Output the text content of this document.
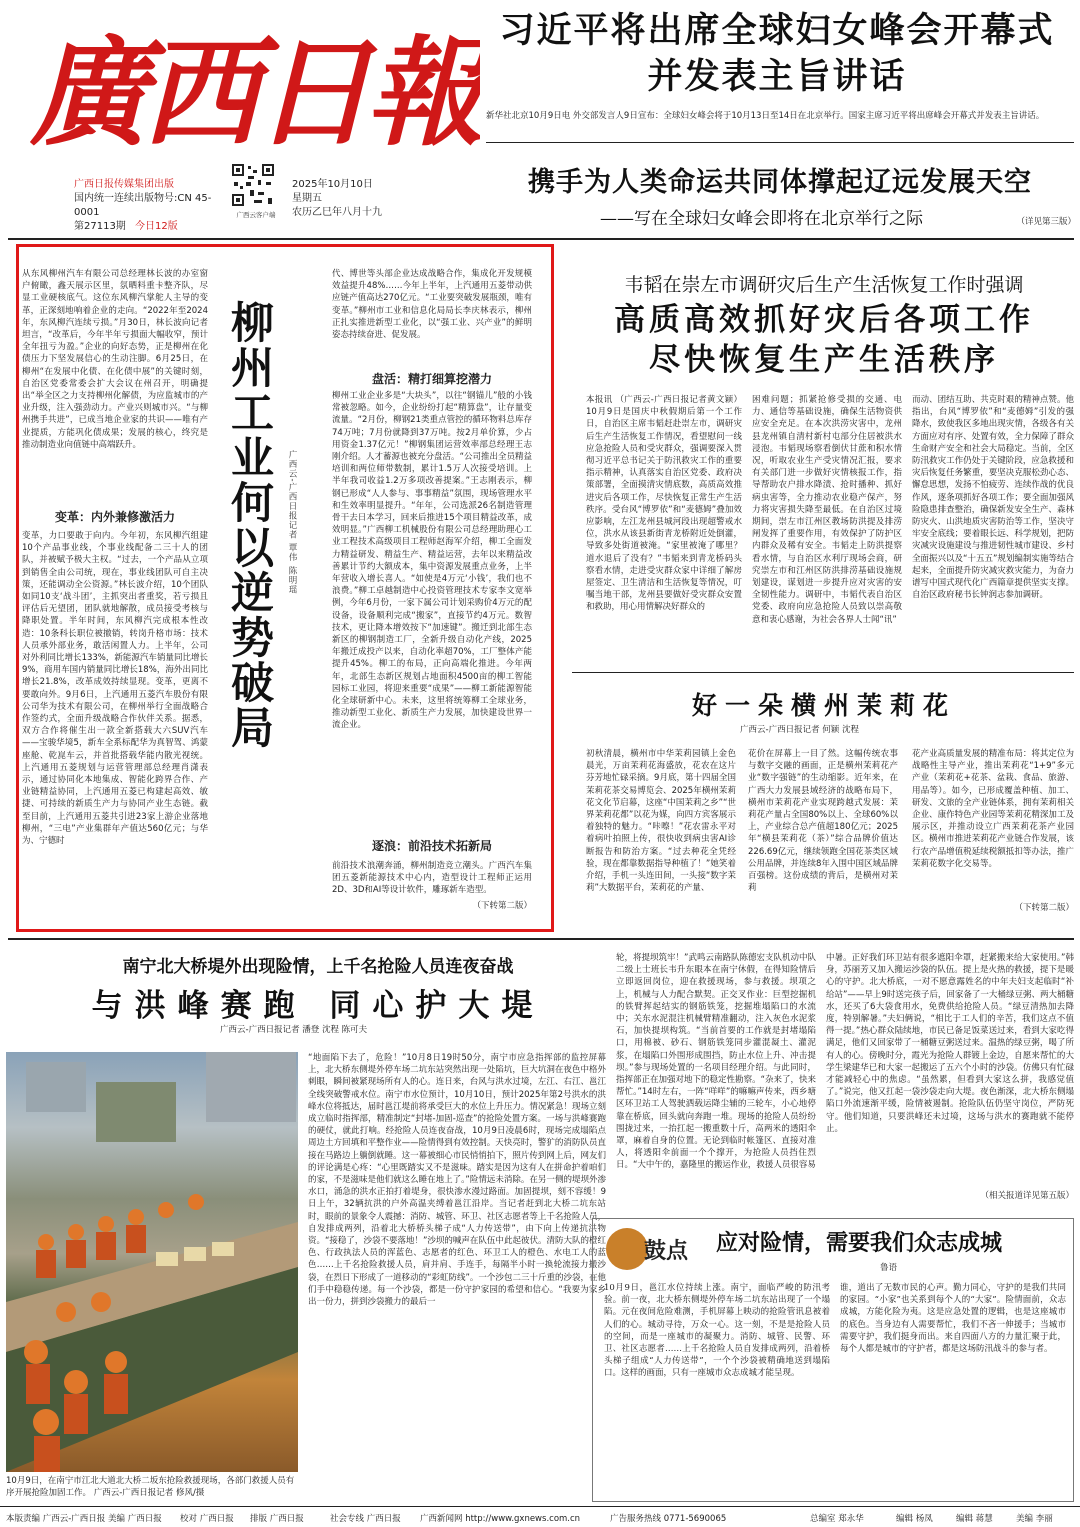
廣西日報
广西日报传媒集团出版
国内统一连续出版物号:CN 45-0001
第27113期 今日12版
广西云客户端
2025年10月10日
星期五
农历乙巳年八月十九
习近平将出席全球妇女峰会开幕式
并发表主旨讲话
新华社北京10月9日电 外交部发言人9日宣布：全球妇女峰会将于10月13日至14日在北京举行。国家主席习近平将出席峰会开幕式并发表主旨讲话。
携手为人类命运共同体撑起辽远发展天空
——写在全球妇女峰会即将在北京举行之际	（详见第三版）
从东风柳州汽车有限公司总经理林长波的办室窗户俯瞰，鑫天展示区里，氛晒料重卡整齐队，尽显工业硬核底气。这位东风柳汽掌舵人主导的变革，正深刻地响着企业的走向。“2022年至2024年，东风柳汽连续亏损。”月30日，林长波向记者坦言，“改革后，今年半年亏损面大幅收窄，预计全年扭亏为盈。”企业的向好态势，正是柳州在化债压力下坚发展信心的生动注脚。6月25日，在柳州“在发展中化债、在化债中展”的关键时刻，自治区党委常委会扩大会议在州召开，明确提出“举全区之力支持柳州化解债，为应监城市的产业升级，注入强劲动力。产业兴则城市兴。“与柳州携手共进”，已成当地企业家的共识——唯有产业提质，方能巩化债成果；发展的核心，终究是推动制造业向值链中高端跃升。
变革：内外兼修激活力
变革，力口要敢于向内。今年初，东风柳汽组建10个产品事业线，个事业线配备二三十人的团队，并被赋予极大主权。“过去，一个产品从立项到销售全由公司统，现在，事业线团队可自主决策，还能调动全公资源。”林长波介绍，10个团队如同10支‘战斗团’，主抓突出者重奖，若亏损且评估后无望团，团队就地解散，成员接受考核与降职处置。半年时间，东风柳汽完成根本性改造：10条科长职位被撤销，转岗升格市场：技术人员承外部业务，敢活闲置人力。上半年，公司对外利同比增长133%，新能源汽车销量同比增长9%，商用车国内销量同比增长18%，海外出同比增长21.8%，改革成效持续显现。变革，更离不要敢向外。9月6日，上汽通用五菱汽车股份有限公司华为技术有限公司，在柳州举行全面战略合作签约式，全面升级战略合作伙伴关系。据悉，双方合作将催生出一款全新搭载大六SUV汽车——宝骏华境5，新车全系标配华为真智驾、鸿蒙座舱、乾崑车云，并首批搭载华能内散光视统。上汽通用五菱规划与运营管理部总经理肖潇表示，通过协同化本地集成、智能化跨界合作、产业链精益协同，上汽通用五菱已构建起高效、敏捷、可持续的新质生产力与协同产业生态链。截至目前，上汽通用五菱共引进23家上游企业落地柳州，“三电”产业集群年产值达560亿元；与华为、宁德时
柳州工业何以逆势破局 广西云-广西日报记者 覃伟 陈明瑶
代、博世等头部企业达成战略合作，集成化开发规模效益提升48%……今年上半年，上汽通用五菱带动供应链产值高达270亿元。“工业要突破发展瓶颈，唯有变革。”柳州市工业和信息化局局长李庆林表示，柳州正扎实推进新型工业化，以“强工业、兴产业”的鲜明姿态持续奋进、促发展。
盘活：精打细算挖潜力
柳州工业企业多是“大块头”，以往“钢锚儿”般的小钱常被忽略。如今，企业纷纷打起“精算盘”，让存量变流量。“2月份，柳钢21类重点管控的循环物料总库存74万吨；7月份就降到37万吨。按2月单价算，少占用资金1.37亿元！”柳钢集团运营效率部总经理王志刚介绍。人才蓄源也被充分盘活。“公司推出全员精益培训和两位师带数制，累计1.5万人次接受培训。上半年我司收益1.2万多项改善提案。”王志刚表示，柳钢已形成“人人参与、事事精益”氛围，现场管理水平和生效率明显提升。“年年，公司选派26名制造管理骨干去日本学习，回来后推进15个项目精益改革，成效明显。”广西柳工机械股份有限公司总经理助理心工业工程技术高级项目工程师赵海军介绍，柳工全面发力精益研发、精益生产、精益运营，去年以来精益改善累计节约大额成本，集中资源发展重点业务，上半年营收入增长喜人。“如使是4万元‘小钱’，我们也不浪费。”柳工卓越制造中心投资管理技术专家李文宽举例，今年6月份，一家下属公司计划采购价4万元的配设备，设备顺利完成“搬家”，直接节约4万元。数智技术，更让降本增效按下“加速键”。搬迁到北部生态新区的柳钢制造工厂，全新升级自动化产线，2025年搬迁成投产以来，自动化率超70%，工厂整体产能提升45%。柳工的布局，正向高端化推进。今年两年，北部生态新区规划占地面积4500亩的柳工智能园标工业园，将迎来重要“成果”——柳工新能源智能化全球研新中心。未来，这里将统筹柳工全球业务，推动新型工业化、新质生产力发展，加快建设世界一流企业。
逐浪：前沿技术拓新局
前沿技术浪潮奔涌，柳州制造竞立潮头。广西汽车集团五菱新能源技术中心内，造型设计工程师正运用2D、3D和AI等设计软件，雕琢新车造型。
（下转第二版）
韦韬在崇左市调研灾后生产生活恢复工作时强调
高质高效抓好灾后各项工作
尽快恢复生产生活秩序
本报讯 （广西云-广西日报记者黄文颖）10月9日是国庆中秋假期后第一个工作日，自治区主席韦韬赶赴崇左市，调研灾后生产生活恢复工作情况，看望慰问一线应急抢险人员和受灾群众，强调要深入贯彻习近平总书记关于防汛救灾工作的重要指示精神，认真落实自治区党委、政府决策部署，全面摸清灾情底数，高质高效推进灾后各项工作，尽快恢复正常生产生活秩序。受台风“博罗依”和“麦德姆”叠加效应影响，左江龙州县城河段出现超警戒水位，洪水从该县新街青龙桥附近处倒灌，导致多处街道被淹。“家里被淹了哪里？道水退后了没有？”韦韬来到青龙桥码头察看水情，走进受灾群众家中详细了解房屋签定、卫生清洁和生活恢复等情况，叮嘱当地干部，龙州县要做好受灾群众安置和救助，用心用情解决好群众的
困难问题；抓紧抢修受损的交通、电力、通信等基础设施，确保生活物资供应安全充足。在本次洪涝灾害中，龙州县龙州镇自清村新村屯部分住居被洪水浸泡。韦韬现场察看倒伏甘蔗和积水情况，听取农业生产受灾情况汇报，要求有关部门进一步做好灾情核报工作，指导帮助农户排水降渍、抢时播种、抓好病虫害等，全力推动农业稳产保产，努力将灾害损失降至最低。在自治区过境期间，崇左市江州区教场防洪提及排涝闸发挥了重要作用，有效保护了防护区内群众及稀有安全。韦韬走上防洪提察看水情，与自治区水利厅现场会商，研究崇左市和江州区防洪排涝基础设施规划建设，谋划进一步提升应对灾害的安全韧性能力。调研中，韦韬代表自治区党委、政府向应急抢险人员致以崇高敬意和衷心感谢，为社会各界人士闻“讯”
而动、团结互助、共克时艰的精神点赞。他指出，台风“博罗依”和“麦德姆”引发的强降水，致使我区多地出现灾情，各级各有关方面应对有序、处置有效，全力保障了群众生命财产安全和社会大局稳定。当前，全区防汛救灾工作仍处于关键阶段，应急救援和灾后恢复任务繁重，要坚决克服松劲心态、懈怠思想，发扬不怕疲劳、连续作战的优良作风，逐条项抓好各项工作；要全面加强风险隐患排查整治，确保新发安全生产、森林防灾火、山洪地质灾害防治等工作，坚决守牢安全底线；要着眼长远、科学规划，把防灾减灾设施建设与推进韧性城市建设、乡村全面振兴以及“十五五”规划编制实施等结合起来，全面提升防灾减灾救灾能力，为奋力谱写中国式现代化广西篇章提供坚实支撑。自治区政府秘书长钟润志参加调研。
好一朵横州茉莉花
广西云-广西日报记者 何颖 沈程
初秋清晨，横州市中华茉莉园镇上金色晨光，万亩茉莉花海盛放，花农在这片芬芳地忙碌采摘。9月底，第十四届全国茉莉花茶交易博览会、2025年横州茉莉花文化节启幕，这座“中国茉莉之乡”“世界茉莉花都”以花为媒，向四方宾客展示着独特的魅力。“咔嚓！”花农雷永平对着病叶拍照上传，很快收到病虫害AI诊断报告和防治方案。“过去种花全凭经验，现在都靠数据指导种植了！”她笑着介绍，手机一头连田间，一头接“数字茉莉”大数据平台，茉莉花的产量、
花价在屏幕上一目了然。这幅传统农事与数字交融的画面，正是横州茉莉花产业“数字强链”的生动缩影。近年来，在广西大力发展县域经济的战略布局下，横州市茉莉花产业实现跨越式发展：茉莉花产量占全国80%以上、全球60%以上，产业综合总产值超180亿元；2025年“横县茉莉花（茶）”综合品牌价值达226.69亿元，继续领跑全国花茶类区域公用品牌，并连续8年入围中国区域品牌百强榜。这份成绩的背后，是横州对茉莉
花产业高质量发展的精准布局：将其定位为战略性主导产业，推出茉莉花“1+9”多元产业（茉莉花+花茶、盆栽、食品、旅游、用品等）。如今，已形成覆盖种植、加工、研发、文旅的全产业链体系，拥有茉莉相关企业、康作特色产业园等茉莉花精深加工及展示区，并推动设立广西茉莉花茶产业园区。横州市推进茉莉花产业链合作发展，该行农产品增值税延续税额抵扣等办法，推广茉莉花数字化交易等。
（下转第二版）
南宁北大桥堤外出现险情，上千名抢险人员连夜奋战
与洪峰赛跑 同心护大堤
广西云-广西日报记者 潘登 沈程 陈可夫
10月9日，在南宁市江北大道北大桥二坂东抢险救援现场，各部门救援人员有序开展抢险加固工作。 广西云-广西日报记者 修风/摄
“地面陷下去了，危险！”10月8日19时50分，南宁市应急指挥部的监控屏幕上，北大桥东侧堤外停车场二坑东站突然出现一处陷坑，巨大坑洞在夜色中格外刺眼，瞬间被紧现场所有人的心。连日来，台风与洪水过境，左江、右江、邕江全线突破警戒水位。南宁市水位预计，10月10日，预计2025年第2号洪水的洪峰水位将抵达，届时邕江堤前将承受巨大的水位上升压力。情况紧急！现场立刻成立临时指挥部，精准制定“封堵-加固-巡查”的抢险处置方案。一场与洪峰赛跑的硬仗，就此打响。经抢险人员连夜奋战，10月9日凌晨6时，现场完成塌陷点周边土方回填和平整作业——险情得到有效控制。天快亮时，警犷的消防队员直接在马路边上躺倒就睡。这一幕被细心市民悄悄拍下，照片传到网上后，网友们的评论满是心疼：“心里既踏实又不是滋味。踏实是因为这有人在拼命护着咱们的家，不是滋味是他们就这么睡在地上了。”险情远未消除。在另一侧的堤坝外渗水口，涌急的洪水正拍打着堤身，很快渗水漫过路面。加固提坝，刻不容缓！9日上午，32辆抗洪的户外高温夹缚着邕江沿岸。当记者赶到北大桥二坑东站时，眼前的景象令人震撼：消防、城管、环卫、社区志愿者等上千名抢险人员，自发排成两列，沿着北大桥桥头梯子成“人力传送带”，由下向上传递抗洪物资。“接稳了，沙袋不要落地！”沙坝的喊声在队伍中此起彼伏。清防大队的橙红色、行政执法人员的浑蓝色、志愿者的红色、环卫工人的橙色、水电工人的蓝色……上千名抢险救援人员，肩并肩、手连手，每隔半小时一换轮流接力搬沙袋，在烈日下形成了一道移动的“彩虹防线”。一个沙包二三十斤重的沙袋，在他们手中稳稳传递。每一个沙袋，都是一份守护家园的希望和信心。“我要为家乡出一份力，拼到沙袋搬力的最后一
轮，将提坝筑牢！”武鸣云南路队陈德宏支队机动中队二级上士班长韦升东眼本在南宁休假，在得知险情后立即返回岗位，迎在救援现场，参与救援。坝项之上，机械与人力配合默契。正交叉作业：巨型挖掘机的铁臂挥起结实的钢筋铁笼，挖掘堆塌陷口的水流中；关东水泥混注机械臂精准翻动，注入灰色水泥浆石，加快提坝构筑。“当前首要的工作就是封堵塌陷口，用棉被、砂石、钢筋铁笼同步灌混凝土、灌泥浆，在塌陷口外围形成围挡，防止水位上升、冲击提坝。”参与现场处置的一名项目经理介绍。与此同时，指挥部正在加强对地下的稳定性勘察。“杂来了，快来帮忙。”14时左右，一阵“咩咩”的嘛嘛声传来，西乡塘区环卫站工人驾驶洒载运降尘辅的三轮车，小心地停靠在桥底，回头就向奔跑一堆。现场的抢险人员纷纷围拢过来，一抬扛起一搬重数十斤，高两米的透阳伞罩，麻着自身的位置。无论到临时帐篷区、直接对准人，将透阳伞前面一个个撑开，为抢险人员挡住烈日。“大中午的，嘉隆里的搬运作业，救援人员很容易
中暑。正好我们环卫站有很多遮阳伞罩，赶紧搬来给大家使用。”韩身，苏丽芳又加入搬运沙袋的队伍。提上是火热的救援，提下是暖心的守护。北大桥底，一对不愿意露姓名的中年夫妇支起临时“补给站”——早上9时送完孩子后，回家备了一大桶绿豆粥、两大桶糖水，还买了6大袋食用水，免费供给抢险人员。“绿豆清热加去降度，特别解暑。”夫妇俩说，“相比于工人们的辛苦，我们这点不值得一提。”热心群众陆续地，市民已备足饭菜送过来，看到大家吃得满足，他们又回家带了一桶糖豆粥送过来。温热的绿豆粥，喝了所有人的心。傍晚时分，霞光为抢险人群镀上金边，自愿来帮忙的大学生梁建华已和大家一起搬运了五六个小时的沙袋。仿佛只有忙碌才能减轻心中的焦虑。“虽然累，但看到大家这么拼，我感觉值了。”说完，他又扛起一袋沙袋走向大堤。夜色渐深，北大桥东侧塌陷口外流速渐平缓，险情被遏制。抢险队伍仍坚守岗位，严防死守。他们知道，只要洪峰还未过境，这场与洪水的赛跑就不能停止。
（相关报道详见第五版）
鼓点 应对险情，需要我们众志成城
鲁语
10月9日，邕江水位持续上涨。南宁，面临严峻的防汛考验。前一夜，北大桥东侧堤外停车场二坑东站出现了一个塌陷。元在夜间危险难测，手机屏幕上映动的抢险管讯息被着人们的心。城动寻待，万众一心。这一刻，不是是抢险人员的空间，而是一座城市的凝聚力。消防、城管、民警、环卫、社区志愿者……上千名抢险人员自发排成两列，沿着桥头梯子组成“人力传送带”，一个个沙袋被精确地送到塌陷口。这样的画面，只有一座城市众志成城才能呈现。
谁，道出了无数市民的心声。勤力同心，守护的是我们共同的家园。“小家”也关系到每个人的“大家”。险情面前，众志成城，方能化险为夷。这是应急处置的逻辑，也是这座城市的底色。当身边有人需要帮忙，我们不吝一伸援手；当城市需要守护，我们挺身而出。来自四面八方的力量汇聚于此，每个人都是城市的守护者，都是这场防汛战斗的参与者。
本版责编 广西云-广西日报 美编 广西日报 校对 广西日报 排版 广西日报	社会专线 广西日报 广西新闻网 http://www.gxnews.com.cn	广告服务热线 0771-5690065	总编室 郑永华	编辑 杨凤	编辑 蒋慧	美编 李丽
